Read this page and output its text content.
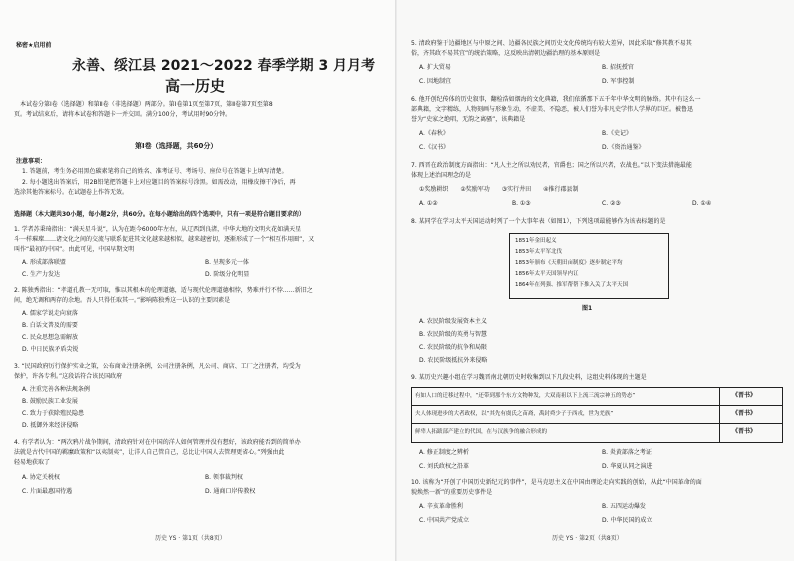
秘密★启用前
永善、绥江县 2021～2022 春季学期 3 月月考
高一历史
本试卷分第Ⅰ卷（选择题）和第Ⅱ卷（非选择题）两部分。第Ⅰ卷第1页至第7页，第Ⅱ卷第7页至第8
页。考试结束后，请将本试卷和答题卡一并交回。满分100分，考试用时90分钟。
第Ⅰ卷（选择题，共60分）
注意事项：
1. 答题前，考生务必用黑色碳素笔将自己的姓名、准考证号、考场号、座位号在答题卡上填写清楚。
2. 每小题选出答案后，用2B铅笔把答题卡上对应题目的答案标号涂黑。如需改动，用橡皮擦干净后，再
选涂其他答案标号。在试题卷上作答无效。
选择题（本大题共30小题，每小题2分，共60分。在每小题给出的四个选项中，只有一项是符合题目要求的）
1. 学者苏秉琦指出：“满天星斗说”，认为在距今6000年左右，从辽西到良渚，中华大地的文明火花如满天星
斗一样璀璨……诸文化之间的交流与联系促进其文化越来越相似，越来越密切，逐渐形成了一个“相互作用圈”，又
叫作“最初的中国”。由此可见，中国早期文明
A. 形成部落联盟	B. 呈现多元一体
C. 生产力发达	D. 阶级分化明显
2. 陈独秀指出：“孝道孔教一无可取，惟以其根本的伦理道德，适与现代伦理道德相悖，势难并行不悖……新旧之
间，绝无调和两存的余地。吾人只得任取其一。”影响陈独秀这一认识的主要因素是
A. 儒家学说走向衰落
B. 白话文普及的需要
C. 民众思想急需解放
D. 中日民族矛盾尖锐
3. “民国政府厉行保护实业之策，公布商业注册条例，公司注册条例，凡公司、商店、工厂之注册者，均受为
保护，许各专利。”这段话符合该民国政府
A. 注重完善各种法规条例
B. 鼓励民族工业发展
C. 致力于获除殖民隐患
D. 抵御外来经济侵略
4. 有学者认为：“两次鸦片战争期间，清政府针对在中国的洋人如何管理并没有想好，该政府能否到的简单办
法就是古代中国的羁縻政策和“以夷制夷”，让洋人自己管自己，总比让中国人去管理更省心。”列强由此
轻易地获取了
A. 协定关税权	B. 领事裁判权
C. 片面最惠国待遇	D. 通商口岸传教权
历史 YS · 第1页（共8页）
5. 清政府鉴于边疆地区与中原之间、边疆各民族之间历史文化传统均有较大差异，因此采取“修其教不易其
俗，齐其政不易其宜”的统治策略，这反映出清朝边疆治理的基本原则是
A. 扩大贸易	B. 招抚授官
C. 因地制宜	D. 军事控制
6. 他开创纪传体的历史叙事，翻检浩如烟海的文化典籍，我们依循那下五千年中华文明的脉络。其中有这么一
部典籍，文字精练，人物刻画与形象生动，不虚美、不隐恶，被人们誉为非凡史学伟人学界的巨匠。被鲁迅
誉为“史家之绝唱，无韵之离骚”，该典籍是
A.《春秋》	B.《史记》
C.《汉书》	D.《资治通鉴》
7. 西晋在政治制度方面指出：“凡人主之所以劝民者，官爵也；国之所以兴者，农战也。”以下变法措施最能
体现上述治国理念的是
①奖励耕织　　②奖励军功　　③实行井田　　④推行郡县制
A. ①②	B. ①③	C. ②③	D. ①④
8. 某同学在学习太平天国运动时列了一个大事年表（如图1），下列选项最能够作为该表标题的是
1851年金田起义
1853年太平军北伐
1853年颁布《天朝田亩制度》逐步制定平均
1856年太平天国领导内讧
1864年在列强、推军帮帮下推入关了太平天国
图1
A. 农民阶级发展资本主义
B. 农民阶级的英勇与智慧
C. 农民阶级的抗争和局限
D. 农民阶级抵抗外来侵略
9. 某历史兴趣小组在学习魏晋南北朝历史时收集到以下几段史料，这组史料体现的主题是
有如人口的迁移过程中，“还带到那个东方文物种发，大双南祖以下上流三流宗神五的势态”	《晋书》
夫人体现进步的大者政权，以“其先有虞氏之苗裔，禹封舜少子于西戎，世为羌族”	《晋书》
鲜卑人拓跋部产建立的代国，在与汉族争的融合形成的	《晋书》
A. 修正制度之辨析	B. 炎黄部落之考证
C. 刘氏政权之沿革	D. 华夏认同之演进
10. 该称为“开创了中国历史新纪元的事件”，是马克思主义在中国由理论走向实践的创始，从此“中国革命的面
貌焕然一新”的重要历史事件是
A. 辛亥革命胜利	B. 五四运动爆发
C. 中国共产党成立	D. 中华民国的成立
历史 YS · 第2页（共8页）
